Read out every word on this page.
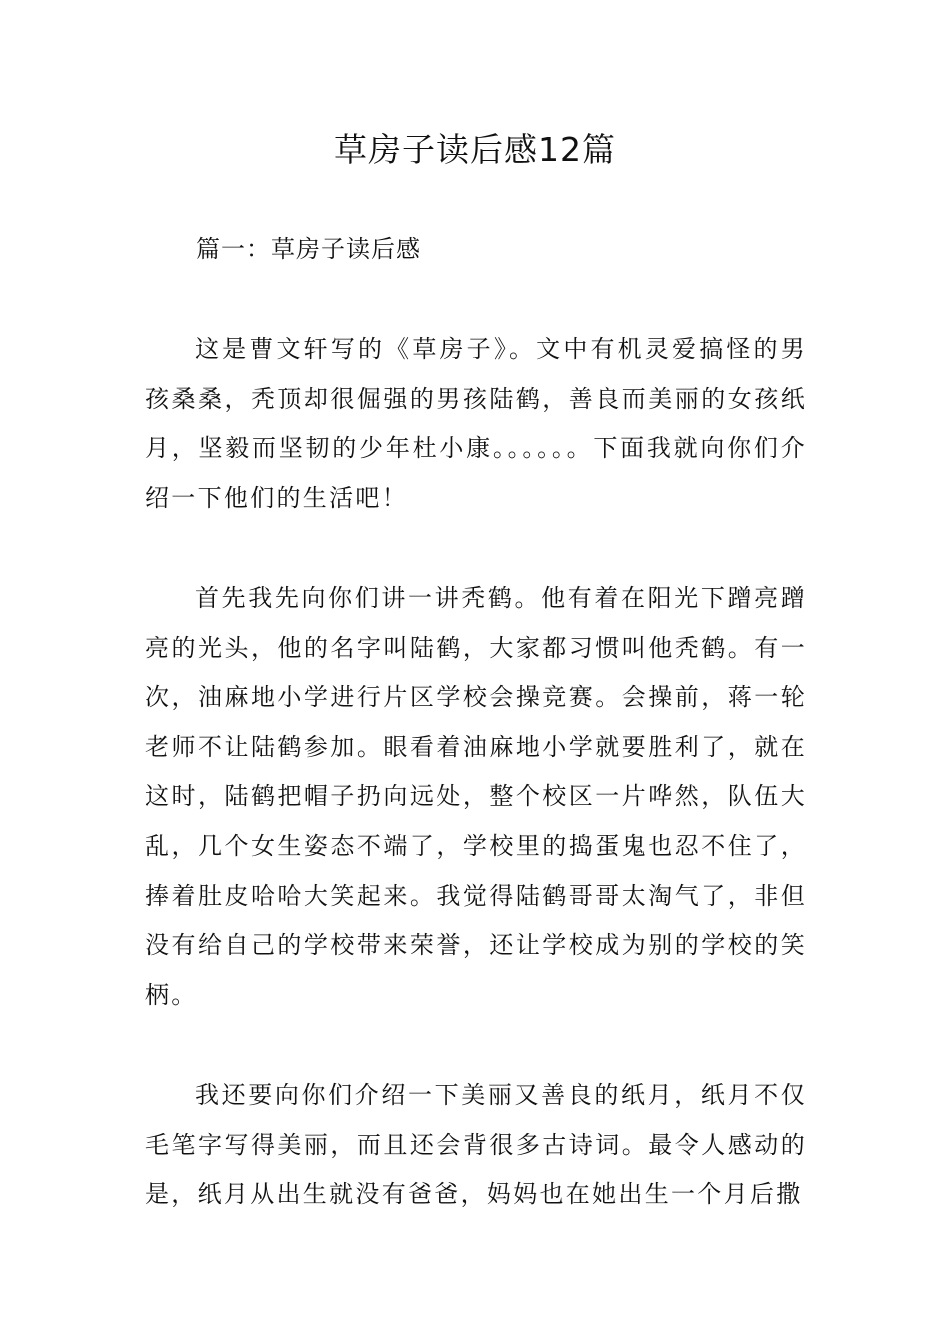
草房子读后感12篇
篇一：草房子读后感

这是曹文轩写的《草房子》。文中有机灵爱搞怪的男孩桑桑，秃顶却很倔强的男孩陆鹤，善良而美丽的女孩纸月，坚毅而坚韧的少年杜小康。。。。。。下面我就向你们介绍一下他们的生活吧！

首先我先向你们讲一讲秃鹤。他有着在阳光下蹭亮蹭亮的光头，他的名字叫陆鹤，大家都习惯叫他秃鹤。有一次，油麻地小学进行片区学校会操竞赛。会操前，蒋一轮老师不让陆鹤参加。眼看着油麻地小学就要胜利了，就在这时，陆鹤把帽子扔向远处，整个校区一片哗然，队伍大乱，几个女生姿态不端了，学校里的捣蛋鬼也忍不住了，捧着肚皮哈哈大笑起来。我觉得陆鹤哥哥太淘气了，非但没有给自己的学校带来荣誉，还让学校成为别的学校的笑柄。

我还要向你们介绍一下美丽又善良的纸月，纸月不仅毛笔字写得美丽，而且还会背很多古诗词。最令人感动的是，纸月从出生就没有爸爸，妈妈也在她出生一个月后撒
